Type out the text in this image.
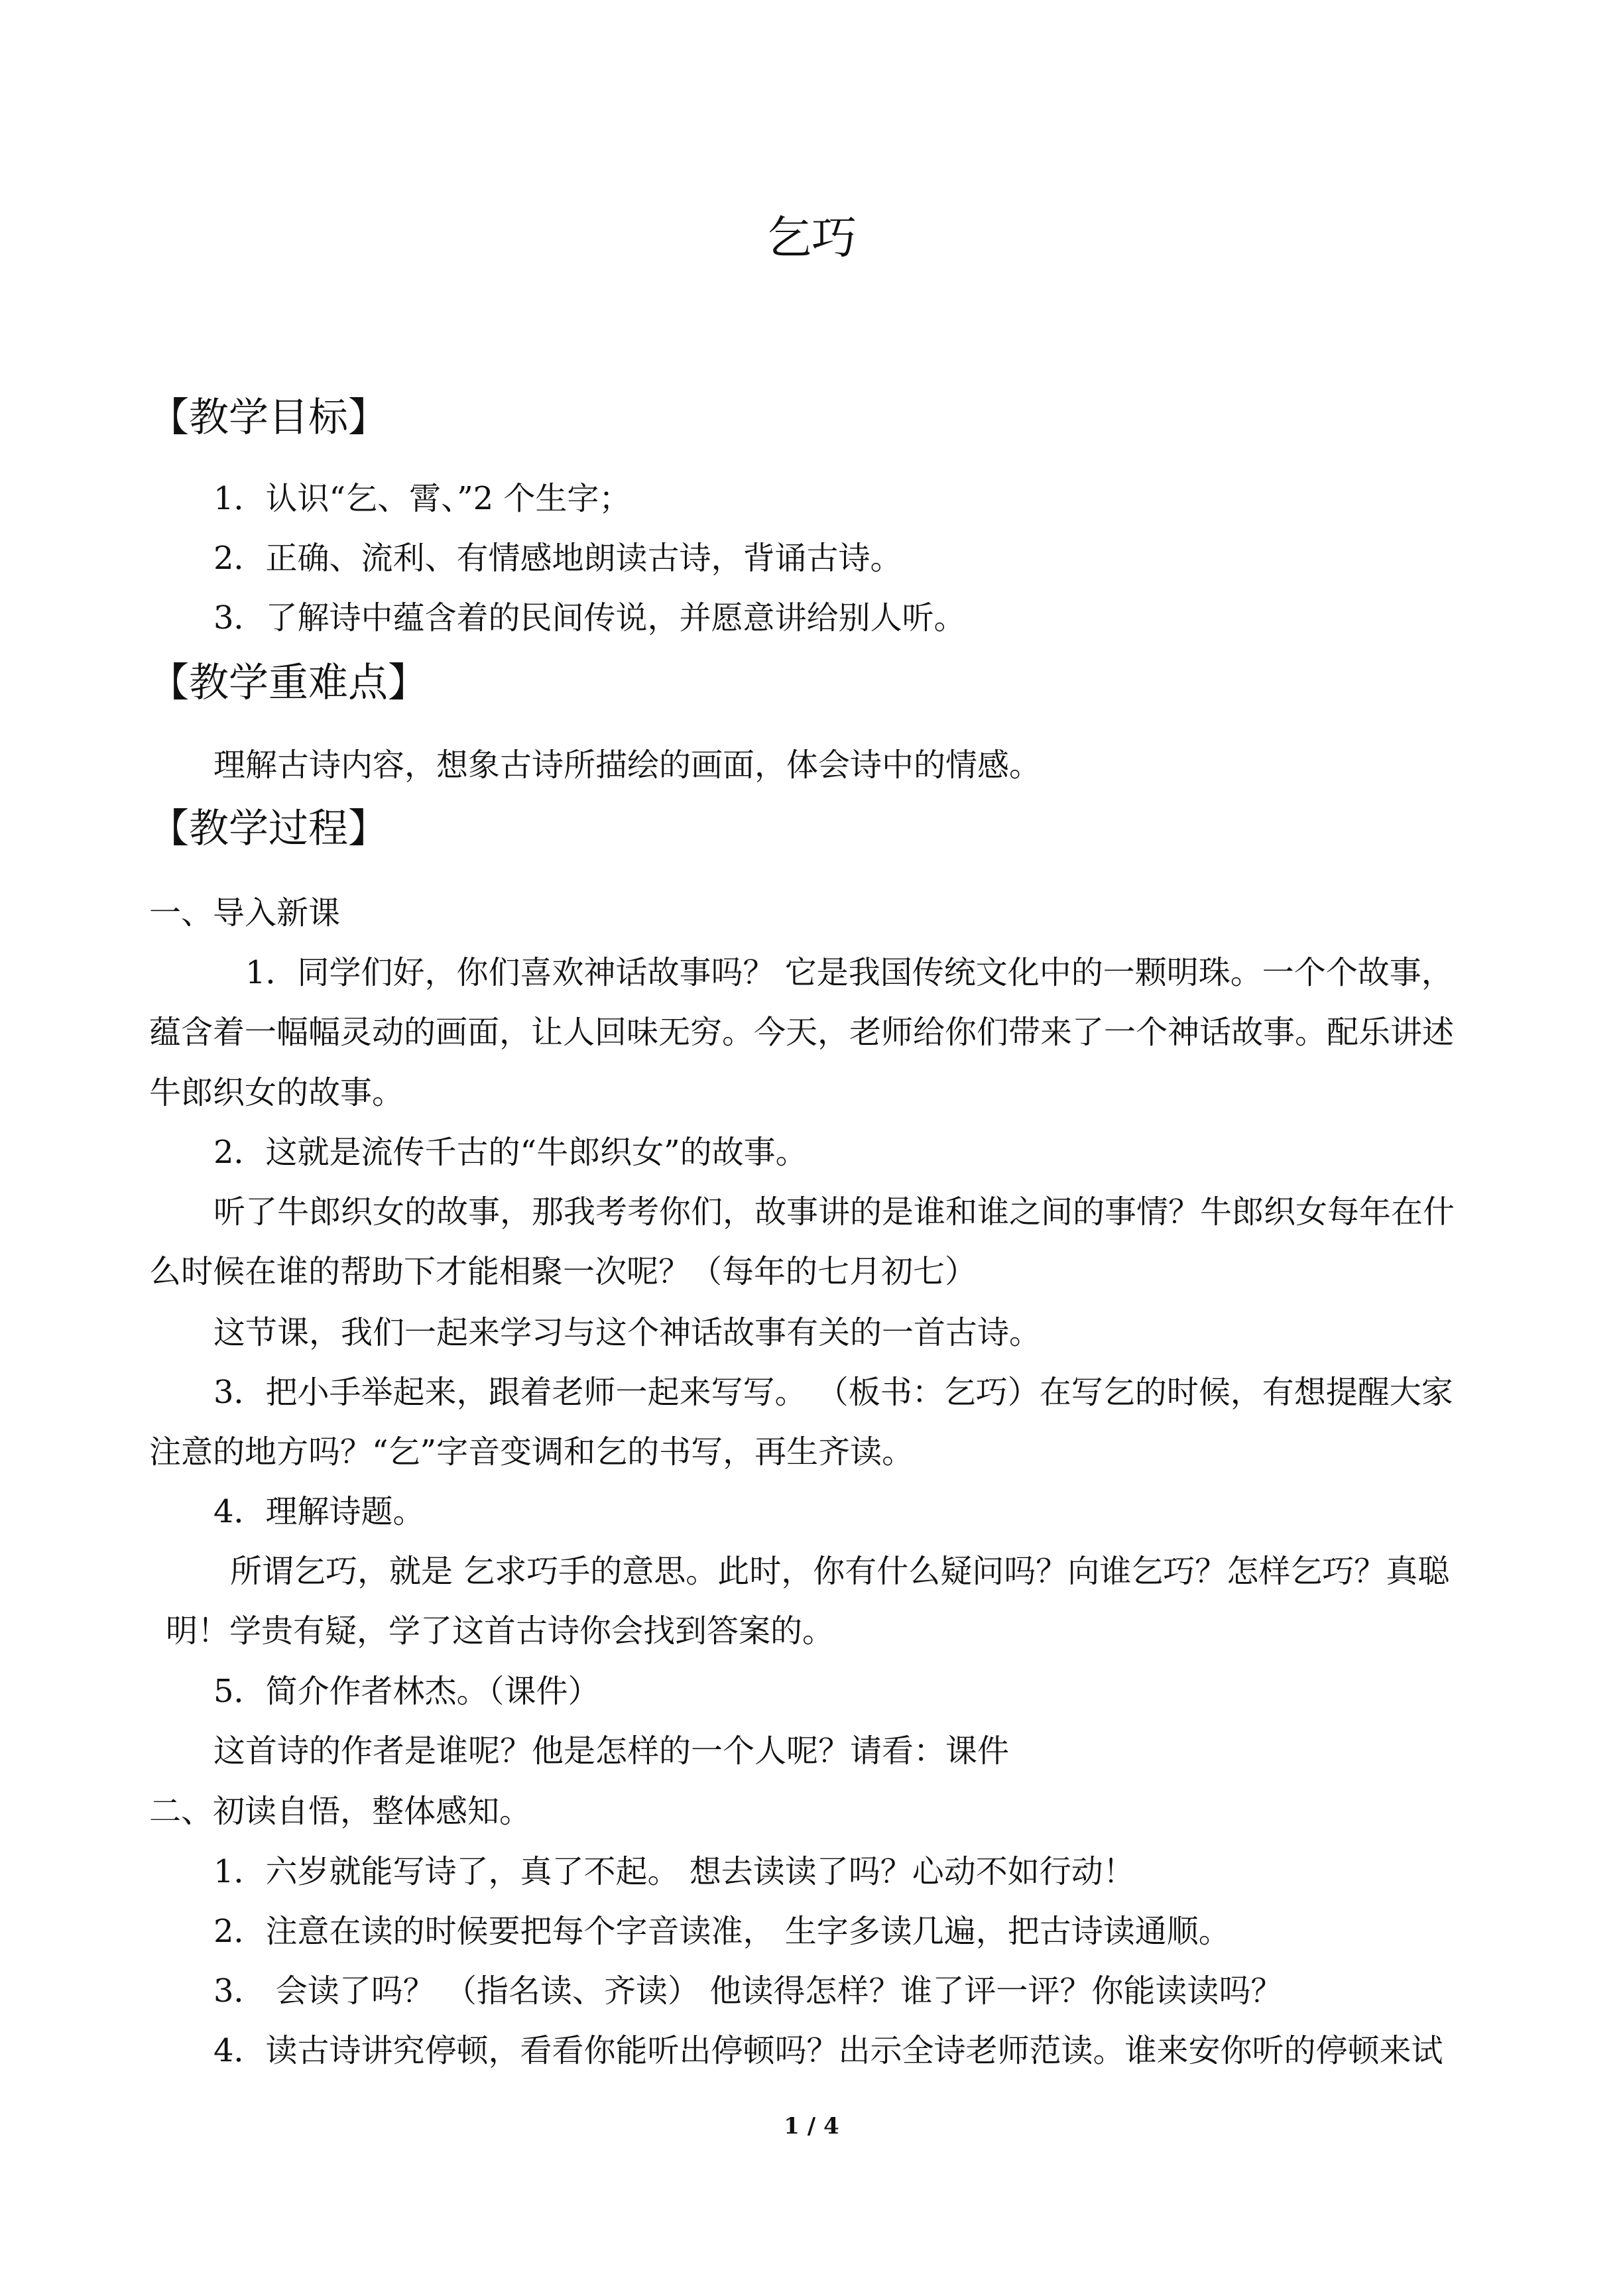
乞巧
【教学目标】
1．认识“乞、霄、”2 个生字；
2．正确、流利、有情感地朗读古诗，背诵古诗。
3．了解诗中蕴含着的民间传说，并愿意讲给别人听。
【教学重难点】
理解古诗内容，想象古诗所描绘的画面，体会诗中的情感。
【教学过程】
一、导入新课
1．同学们好，你们喜欢神话故事吗？ 它是我国传统文化中的一颗明珠。一个个故事，
蕴含着一幅幅灵动的画面，让人回味无穷。今天，老师给你们带来了一个神话故事。配乐讲述
牛郎织女的故事。
2．这就是流传千古的“牛郎织女”的故事。
听了牛郎织女的故事，那我考考你们，故事讲的是谁和谁之间的事情？牛郎织女每年在什
么时候在谁的帮助下才能相聚一次呢？（每年的七月初七）
这节课，我们一起来学习与这个神话故事有关的一首古诗。
3．把小手举起来，跟着老师一起来写写。 （板书：乞巧）在写乞的时候，有想提醒大家
注意的地方吗？“乞”字音变调和乞的书写，再生齐读。
4．理解诗题。
所谓乞巧，就是 乞求巧手的意思。此时，你有什么疑问吗？向谁乞巧？怎样乞巧？真聪
明！学贵有疑，学了这首古诗你会找到答案的。
5．简介作者林杰。（课件）
这首诗的作者是谁呢？他是怎样的一个人呢？请看：课件
二、初读自悟，整体感知。
1．六岁就能写诗了，真了不起。 想去读读了吗？心动不如行动！
2．注意在读的时候要把每个字音读准， 生字多读几遍，把古诗读通顺。
3． 会读了吗？ （指名读、齐读） 他读得怎样？谁了评一评？你能读读吗？
4．读古诗讲究停顿，看看你能听出停顿吗？出示全诗老师范读。谁来安你听的停顿来试
1 / 4
